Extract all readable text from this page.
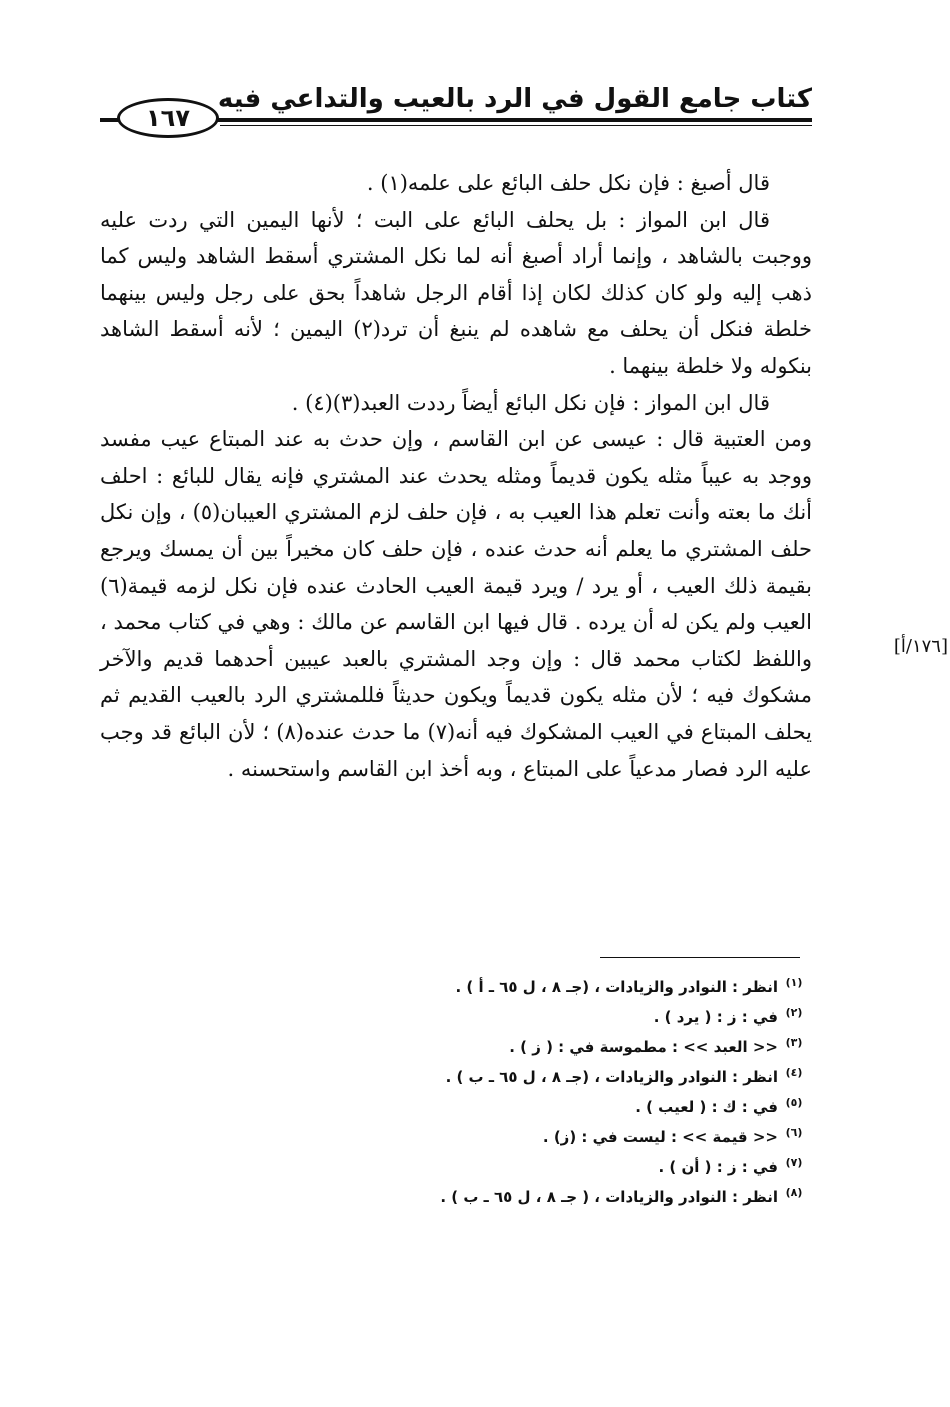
كتاب جامع القول في الرد بالعيب والتداعي فيه
١٦٧

قال أصبغ : فإن نكل حلف البائع على علمه(١) .

قال ابن المواز : بل يحلف البائع على البت ؛ لأنها اليمين التي ردت عليه ووجبت بالشاهد ، وإنما أراد أصبغ أنه لما نكل المشتري أسقط الشاهد وليس كما ذهب إليه ولو كان كذلك لكان إذا أقام الرجل شاهداً بحق على رجل وليس بينهما خلطة فنكل أن يحلف مع شاهده لم ينبغ أن ترد(٢) اليمين ؛ لأنه أسقط الشاهد بنكوله ولا خلطة بينهما .

قال ابن المواز : فإن نكل البائع أيضاً رددت العبد(٣)(٤) .

ومن العتبية قال : عيسى عن ابن القاسم ، وإن حدث به عند المبتاع عيب مفسد ووجد به عيباً مثله يكون قديماً ومثله يحدث عند المشتري فإنه يقال للبائع : احلف أنك ما بعته وأنت تعلم هذا العيب به ، فإن حلف لزم المشتري العيبان(٥) ، وإن نكل حلف المشتري ما يعلم أنه حدث عنده ، فإن حلف كان مخيراً بين أن يمسك ويرجع بقيمة ذلك العيب ، أو يرد / ويرد قيمة العيب الحادث عنده فإن نكل لزمه قيمة(٦) العيب ولم يكن له أن يرده . قال فيها ابن القاسم عن مالك : وهي في كتاب محمد ، واللفظ لكتاب محمد قال : وإن وجد المشتري بالعبد عيبين أحدهما قديم والآخر مشكوك فيه ؛ لأن مثله يكون قديماً ويكون حديثاً فللمشتري الرد بالعيب القديم ثم يحلف المبتاع في العيب المشكوك فيه أنه(٧) ما حدث عنده(٨) ؛ لأن البائع قد وجب عليه الرد فصار مدعياً على المبتاع ، وبه أخذ ابن القاسم واستحسنه .

[١٧٦/أ]
(١)
انظر : النوادر والزيادات ، (جـ ٨ ، ل ٦٥ ـ أ ) .
(٢)
في : ز : ( يرد ) .
(٣)
<< العبد >> : مطموسة في : ( ز ) .
(٤)
انظر : النوادر والزيادات ، (جـ ٨ ، ل ٦٥ ـ ب ) .
(٥)
في : ك : ( لعيب ) .
(٦)
<< قيمة >> : ليست في : (ز) .
(٧)
في : ز : ( أن ) .
(٨)
انظر : النوادر والزيادات ، ( جـ ٨ ، ل ٦٥ ـ ب ) .
